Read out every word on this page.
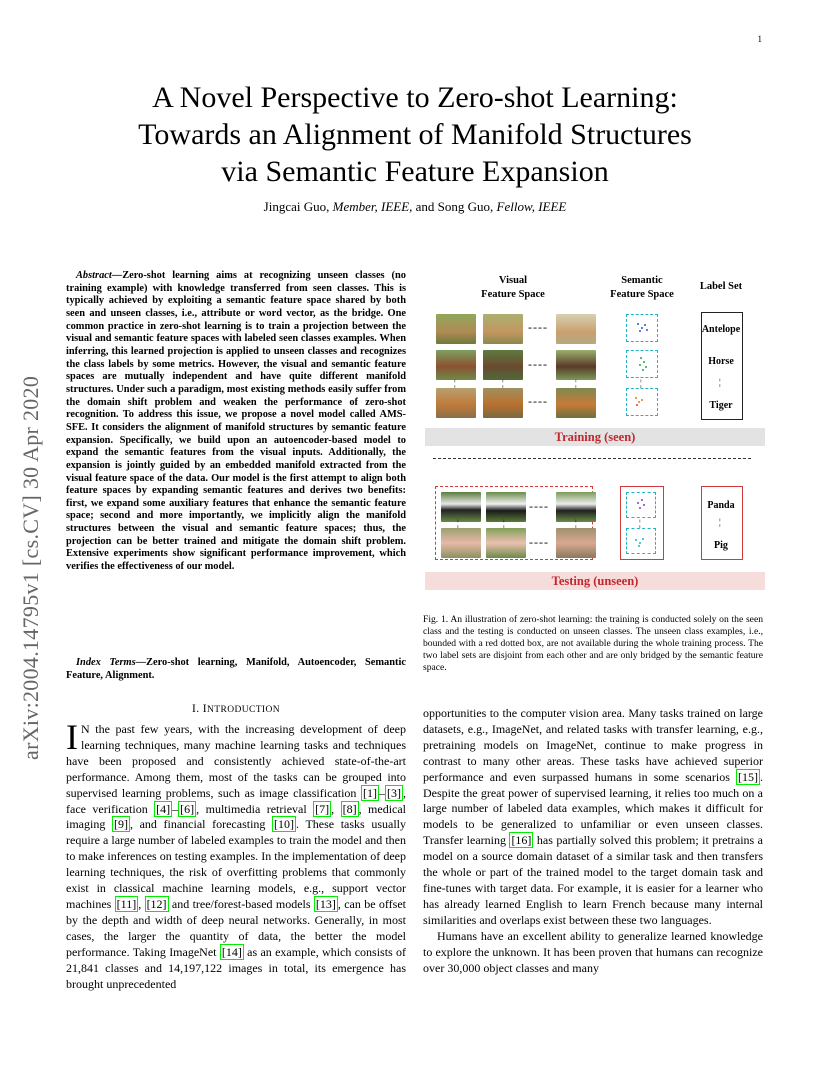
1
arXiv:2004.14795v1 [cs.CV] 30 Apr 2020
A Novel Perspective to Zero-shot Learning:
Towards an Alignment of Manifold Structures
via Semantic Feature Expansion
Jingcai Guo, Member, IEEE, and Song Guo, Fellow, IEEE
Abstract—Zero-shot learning aims at recognizing unseen classes (no training example) with knowledge transferred from seen classes. This is typically achieved by exploiting a semantic feature space shared by both seen and unseen classes, i.e., attribute or word vector, as the bridge. One common practice in zero-shot learning is to train a projection between the visual and semantic feature spaces with labeled seen classes examples. When inferring, this learned projection is applied to unseen classes and recognizes the class labels by some metrics. However, the visual and semantic feature spaces are mutually independent and have quite different manifold structures. Under such a paradigm, most existing methods easily suffer from the domain shift problem and weaken the performance of zero-shot recognition. To address this issue, we propose a novel model called AMS-SFE. It considers the alignment of manifold structures by semantic feature expansion. Specifically, we build upon an autoencoder-based model to expand the semantic features from the visual inputs. Additionally, the expansion is jointly guided by an embedded manifold extracted from the visual feature space of the data. Our model is the first attempt to align both feature spaces by expanding semantic features and derives two benefits: first, we expand some auxiliary features that enhance the semantic feature space; second and more importantly, we implicitly align the manifold structures between the visual and semantic feature spaces; thus, the projection can be better trained and mitigate the domain shift problem. Extensive experiments show significant performance improvement, which verifies the effectiveness of our model.
Index Terms—Zero-shot learning, Manifold, Autoencoder, Semantic Feature, Alignment.
I. INTRODUCTION
I N the past few years, with the increasing development of deep learning techniques, many machine learning tasks and techniques have been proposed and consistently achieved state-of-the-art performance. Among them, most of the tasks can be grouped into supervised learning problems, such as image classification [1] – [3] , face verification [4] – [6] , multimedia retrieval [7] , [8] , medical imaging [9] , and financial forecasting [10] . These tasks usually require a large number of labeled examples to train the model and then to make inferences on testing examples. In the implementation of deep learning techniques, the risk of overfitting problems that commonly exist in classical machine learning models, e.g., support vector machines [11] , [12] and tree/forest-based models [13] , can be offset by the depth and width of deep neural networks. Generally, in most cases, the larger the quantity of data, the better the model performance. Taking ImageNet [14] as an example, which consists of 21,841 classes and 14,197,122 images in total, its emergence has brought unprecedented
Visual
Feature Space
Semantic
Feature Space
Label Set
----
----
----
¦	¦	¦	¦
Antelope
Horse
¦
Tiger
Training (seen)
----
----
¦	¦	¦	¦
Panda
¦
Pig
Testing (unseen)
Fig. 1. An illustration of zero-shot learning: the training is conducted solely on the seen class and the testing is conducted on unseen classes. The unseen class examples, i.e., bounded with a red dotted box, are not available during the whole training process. The two label sets are disjoint from each other and are only bridged by the semantic feature space.
opportunities to the computer vision area. Many tasks trained on large datasets, e.g., ImageNet, and related tasks with transfer learning, e.g., pretraining models on ImageNet, continue to make progress in contrast to many other areas. These tasks have achieved superior performance and even surpassed humans in some scenarios [15] . Despite the great power of supervised learning, it relies too much on a large number of labeled data examples, which makes it difficult for models to be generalized to unfamiliar or even unseen classes. Transfer learning [16] has partially solved this problem; it pretrains a model on a source domain dataset of a similar task and then transfers the whole or part of the trained model to the target domain task and fine-tunes with target data. For example, it is easier for a learner who has already learned English to learn French because many internal similarities and overlaps exist between these two languages.
Humans have an excellent ability to generalize learned knowledge to explore the unknown. It has been proven that humans can recognize over 30,000 object classes and many
